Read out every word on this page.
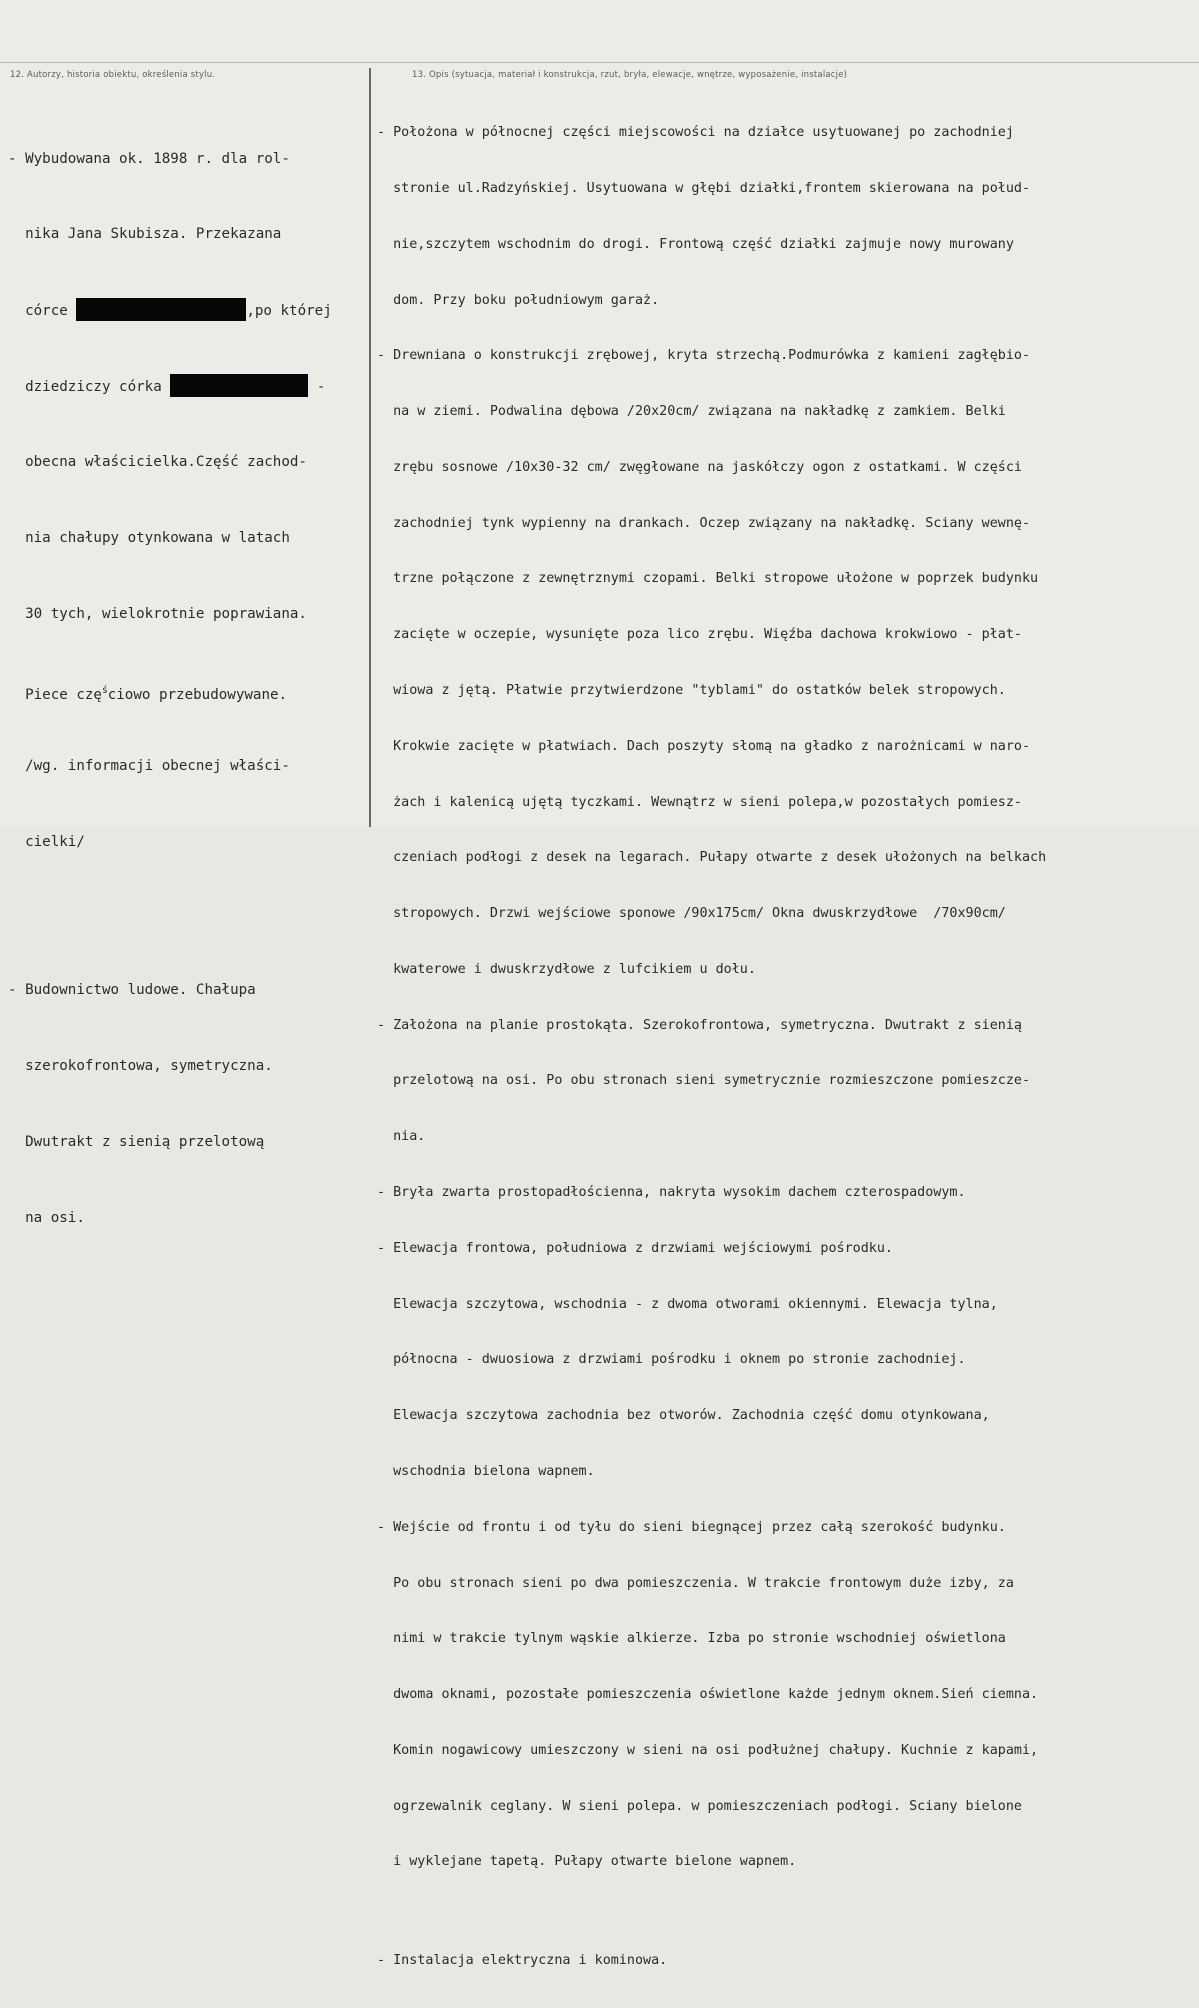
12. Autorzy, historia obiektu, określenia stylu.	13. Opis (sytuacja, materiał i konstrukcja, rzut, bryła, elewacje, wnętrze, wyposażenie, instalacje)

- Wybudowana ok. 1898 r. dla rol-

nika Jana Skubisza. Przekazana

córce	,po której

dziedziczy córka	-

obecna właścicielka.Część zachod-

nia chałupy otynkowana w latach

30 tych, wielokrotnie poprawiana.

Piece czę$^ś$ciowo przebudowywane.

/wg. informacji obecnej właści-

cielki/

- Budownictwo ludowe. Chałupa

szerokofrontowa, symetryczna.

Dwutrakt z sienią przelotową

na osi.

- Położona w północnej części miejscowości na działce usytuowanej po zachodniej

stronie ul.Radzyńskiej. Usytuowana w głębi działki,frontem skierowana na połud-

nie,szczytem wschodnim do drogi. Frontową część działki zajmuje nowy murowany

dom. Przy boku południowym garaż.

- Drewniana o konstrukcji zrębowej, kryta strzechą.Podmurówka z kamieni zagłębio-

na w ziemi. Podwalina dębowa /20x20cm/ związana na nakładkę z zamkiem. Belki

zrębu sosnowe /10x30-32 cm/ zwęgłowane na jaskółczy ogon z ostatkami. W części

zachodniej tynk wypienny na drankach. Oczep związany na nakładkę. Sciany wewnę-

trzne połączone z zewnętrznymi czopami. Belki stropowe ułożone w poprzek budynku

zacięte w oczepie, wysunięte poza lico zrębu. Więźba dachowa krokwiowo - płat-

wiowa z jętą. Płatwie przytwierdzone "tyblami" do ostatków belek stropowych.

Krokwie zacięte w płatwiach. Dach poszyty słomą na gładko z narożnicami w naro-

żach i kalenicą ujętą tyczkami. Wewnątrz w sieni polepa,w pozostałych pomiesz-

czeniach podłogi z desek na legarach. Pułapy otwarte z desek ułożonych na belkach

stropowych. Drzwi wejściowe sponowe /90x175cm/ Okna dwuskrzydłowe  /70x90cm/

kwaterowe i dwuskrzydłowe z lufcikiem u dołu.

- Założona na planie prostokąta. Szerokofrontowa, symetryczna. Dwutrakt z sienią

przelotową na osi. Po obu stronach sieni symetrycznie rozmieszczone pomieszcze-

nia.

- Bryła zwarta prostopadłościenna, nakryta wysokim dachem czterospadowym.

- Elewacja frontowa, południowa z drzwiami wejściowymi pośrodku.

Elewacja szczytowa, wschodnia - z dwoma otworami okiennymi. Elewacja tylna,

północna - dwuosiowa z drzwiami pośrodku i oknem po stronie zachodniej.

Elewacja szczytowa zachodnia bez otworów. Zachodnia część domu otynkowana,

wschodnia bielona wapnem.

- Wejście od frontu i od tyłu do sieni biegnącej przez całą szerokość budynku.

Po obu stronach sieni po dwa pomieszczenia. W trakcie frontowym duże izby, za

nimi w trakcie tylnym wąskie alkierze. Izba po stronie wschodniej oświetlona

dwoma oknami, pozostałe pomieszczenia oświetlone każde jednym oknem.Sień ciemna.

Komin nogawicowy umieszczony w sieni na osi podłużnej chałupy. Kuchnie z kapami,

ogrzewalnik ceglany. W sieni polepa. w pomieszczeniach podłogi. Sciany bielone

i wyklejane tapetą. Pułapy otwarte bielone wapnem.

- Instalacja elektryczna i kominowa.
